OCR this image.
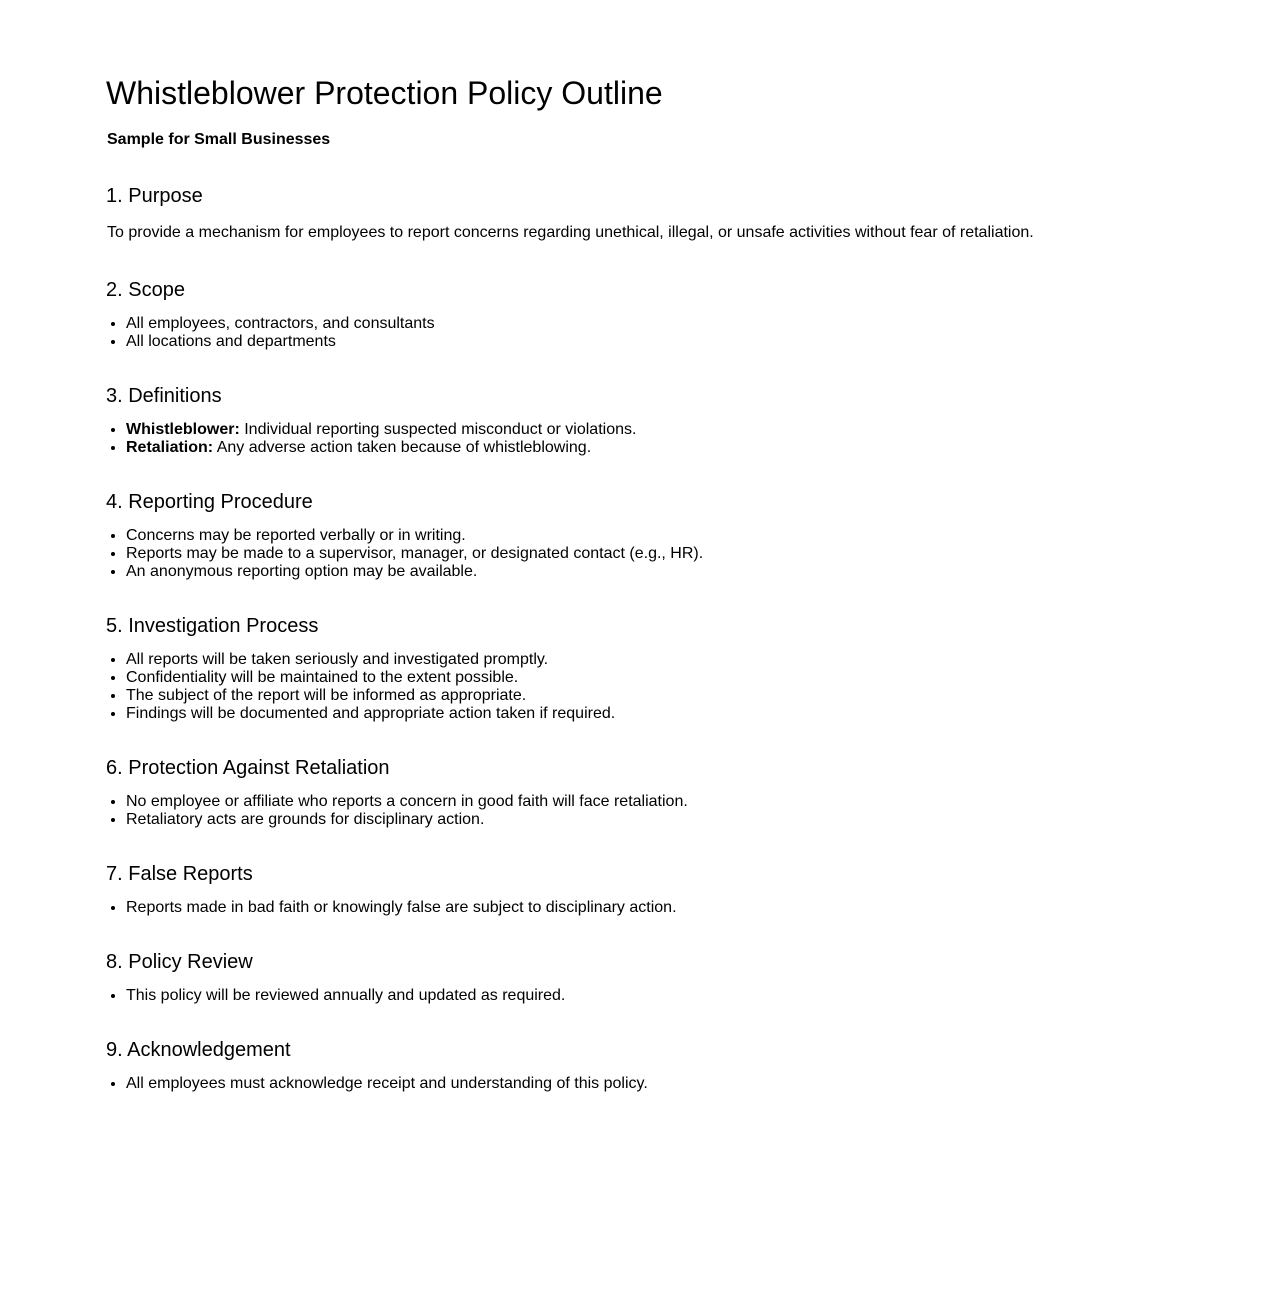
Whistleblower Protection Policy Outline
Sample for Small Businesses
1. Purpose

To provide a mechanism for employees to report concerns regarding unethical, illegal, or unsafe activities without fear of retaliation.

2. Scope
• All employees, contractors, and consultants
• All locations and departments
3. Definitions
• Whistleblower: Individual reporting suspected misconduct or violations.
• Retaliation: Any adverse action taken because of whistleblowing.
4. Reporting Procedure
• Concerns may be reported verbally or in writing.
• Reports may be made to a supervisor, manager, or designated contact (e.g., HR).
• An anonymous reporting option may be available.
5. Investigation Process
• All reports will be taken seriously and investigated promptly.
• Confidentiality will be maintained to the extent possible.
• The subject of the report will be informed as appropriate.
• Findings will be documented and appropriate action taken if required.
6. Protection Against Retaliation
• No employee or affiliate who reports a concern in good faith will face retaliation.
• Retaliatory acts are grounds for disciplinary action.
7. False Reports
• Reports made in bad faith or knowingly false are subject to disciplinary action.
8. Policy Review
• This policy will be reviewed annually and updated as required.
9. Acknowledgement
• All employees must acknowledge receipt and understanding of this policy.
